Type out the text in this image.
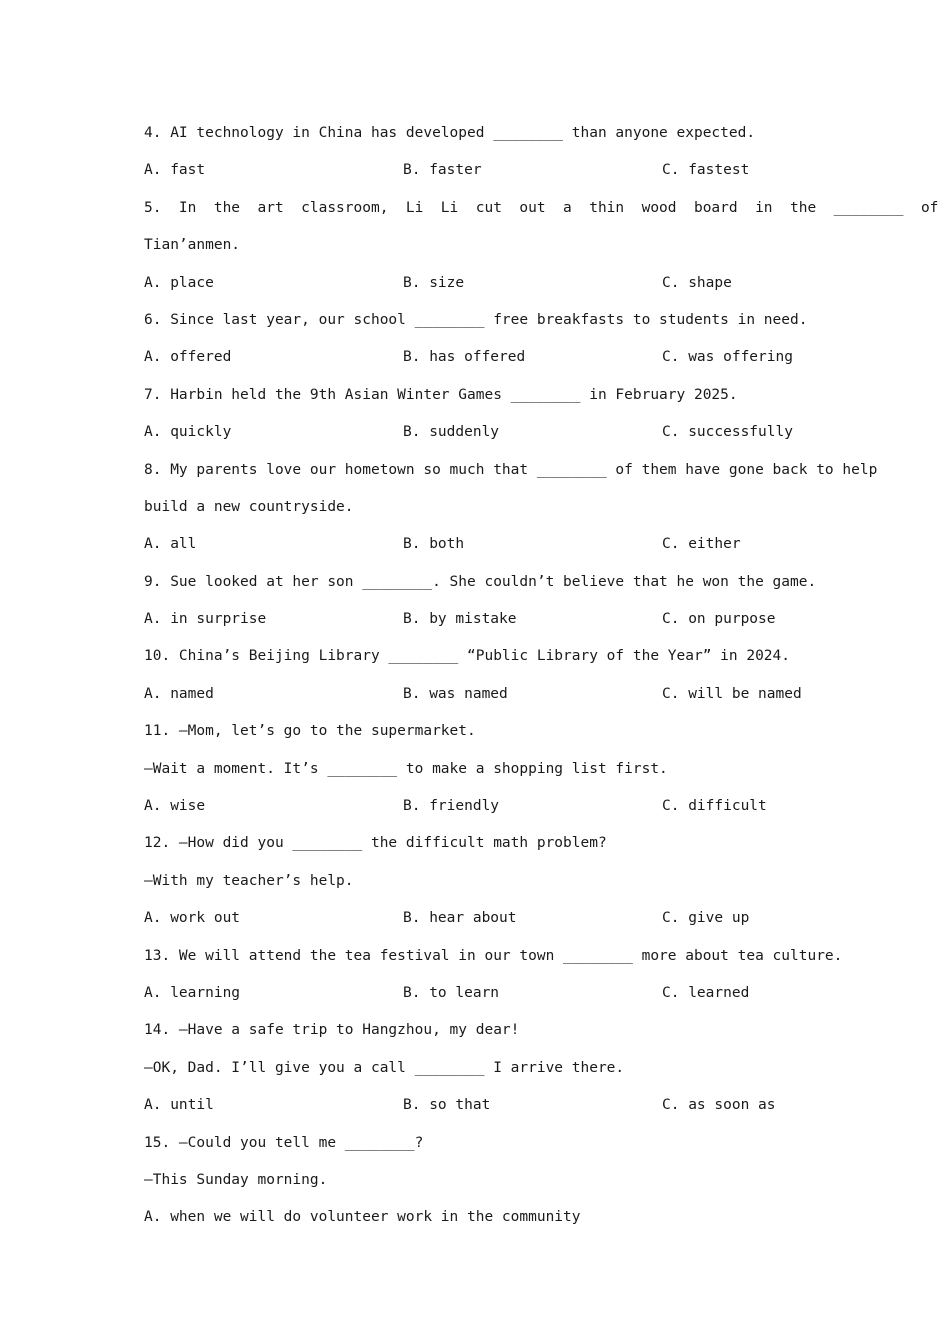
4. AI technology in China has developed ________ than anyone expected.
A. fast	B. faster	C. fastest
5.  In  the  art  classroom,  Li  Li  cut  out  a  thin  wood  board  in  the  ________  of
Tian’anmen.
A. place	B. size	C. shape
6. Since last year, our school ________ free breakfasts to students in need.
A. offered	B. has offered	C. was offering
7. Harbin held the 9th Asian Winter Games ________ in February 2025.
A. quickly	B. suddenly	C. successfully
8. My parents love our hometown so much that ________ of them have gone back to help
build a new countryside.
A. all	B. both	C. either
9. Sue looked at her son ________. She couldn’t believe that he won the game.
A. in surprise	B. by mistake	C. on purpose
10. China’s Beijing Library ________ “Public Library of the Year” in 2024.
A. named	B. was named	C. will be named
11. —Mom, let’s go to the supermarket.
—Wait a moment. It’s ________ to make a shopping list first.
A. wise	B. friendly	C. difficult
12. —How did you ________ the difficult math problem?
—With my teacher’s help.
A. work out	B. hear about	C. give up
13. We will attend the tea festival in our town ________ more about tea culture.
A. learning	B. to learn	C. learned
14. —Have a safe trip to Hangzhou, my dear!
—OK, Dad. I’ll give you a call ________ I arrive there.
A. until	B. so that	C. as soon as
15. —Could you tell me ________?
—This Sunday morning.
A. when we will do volunteer work in the community
